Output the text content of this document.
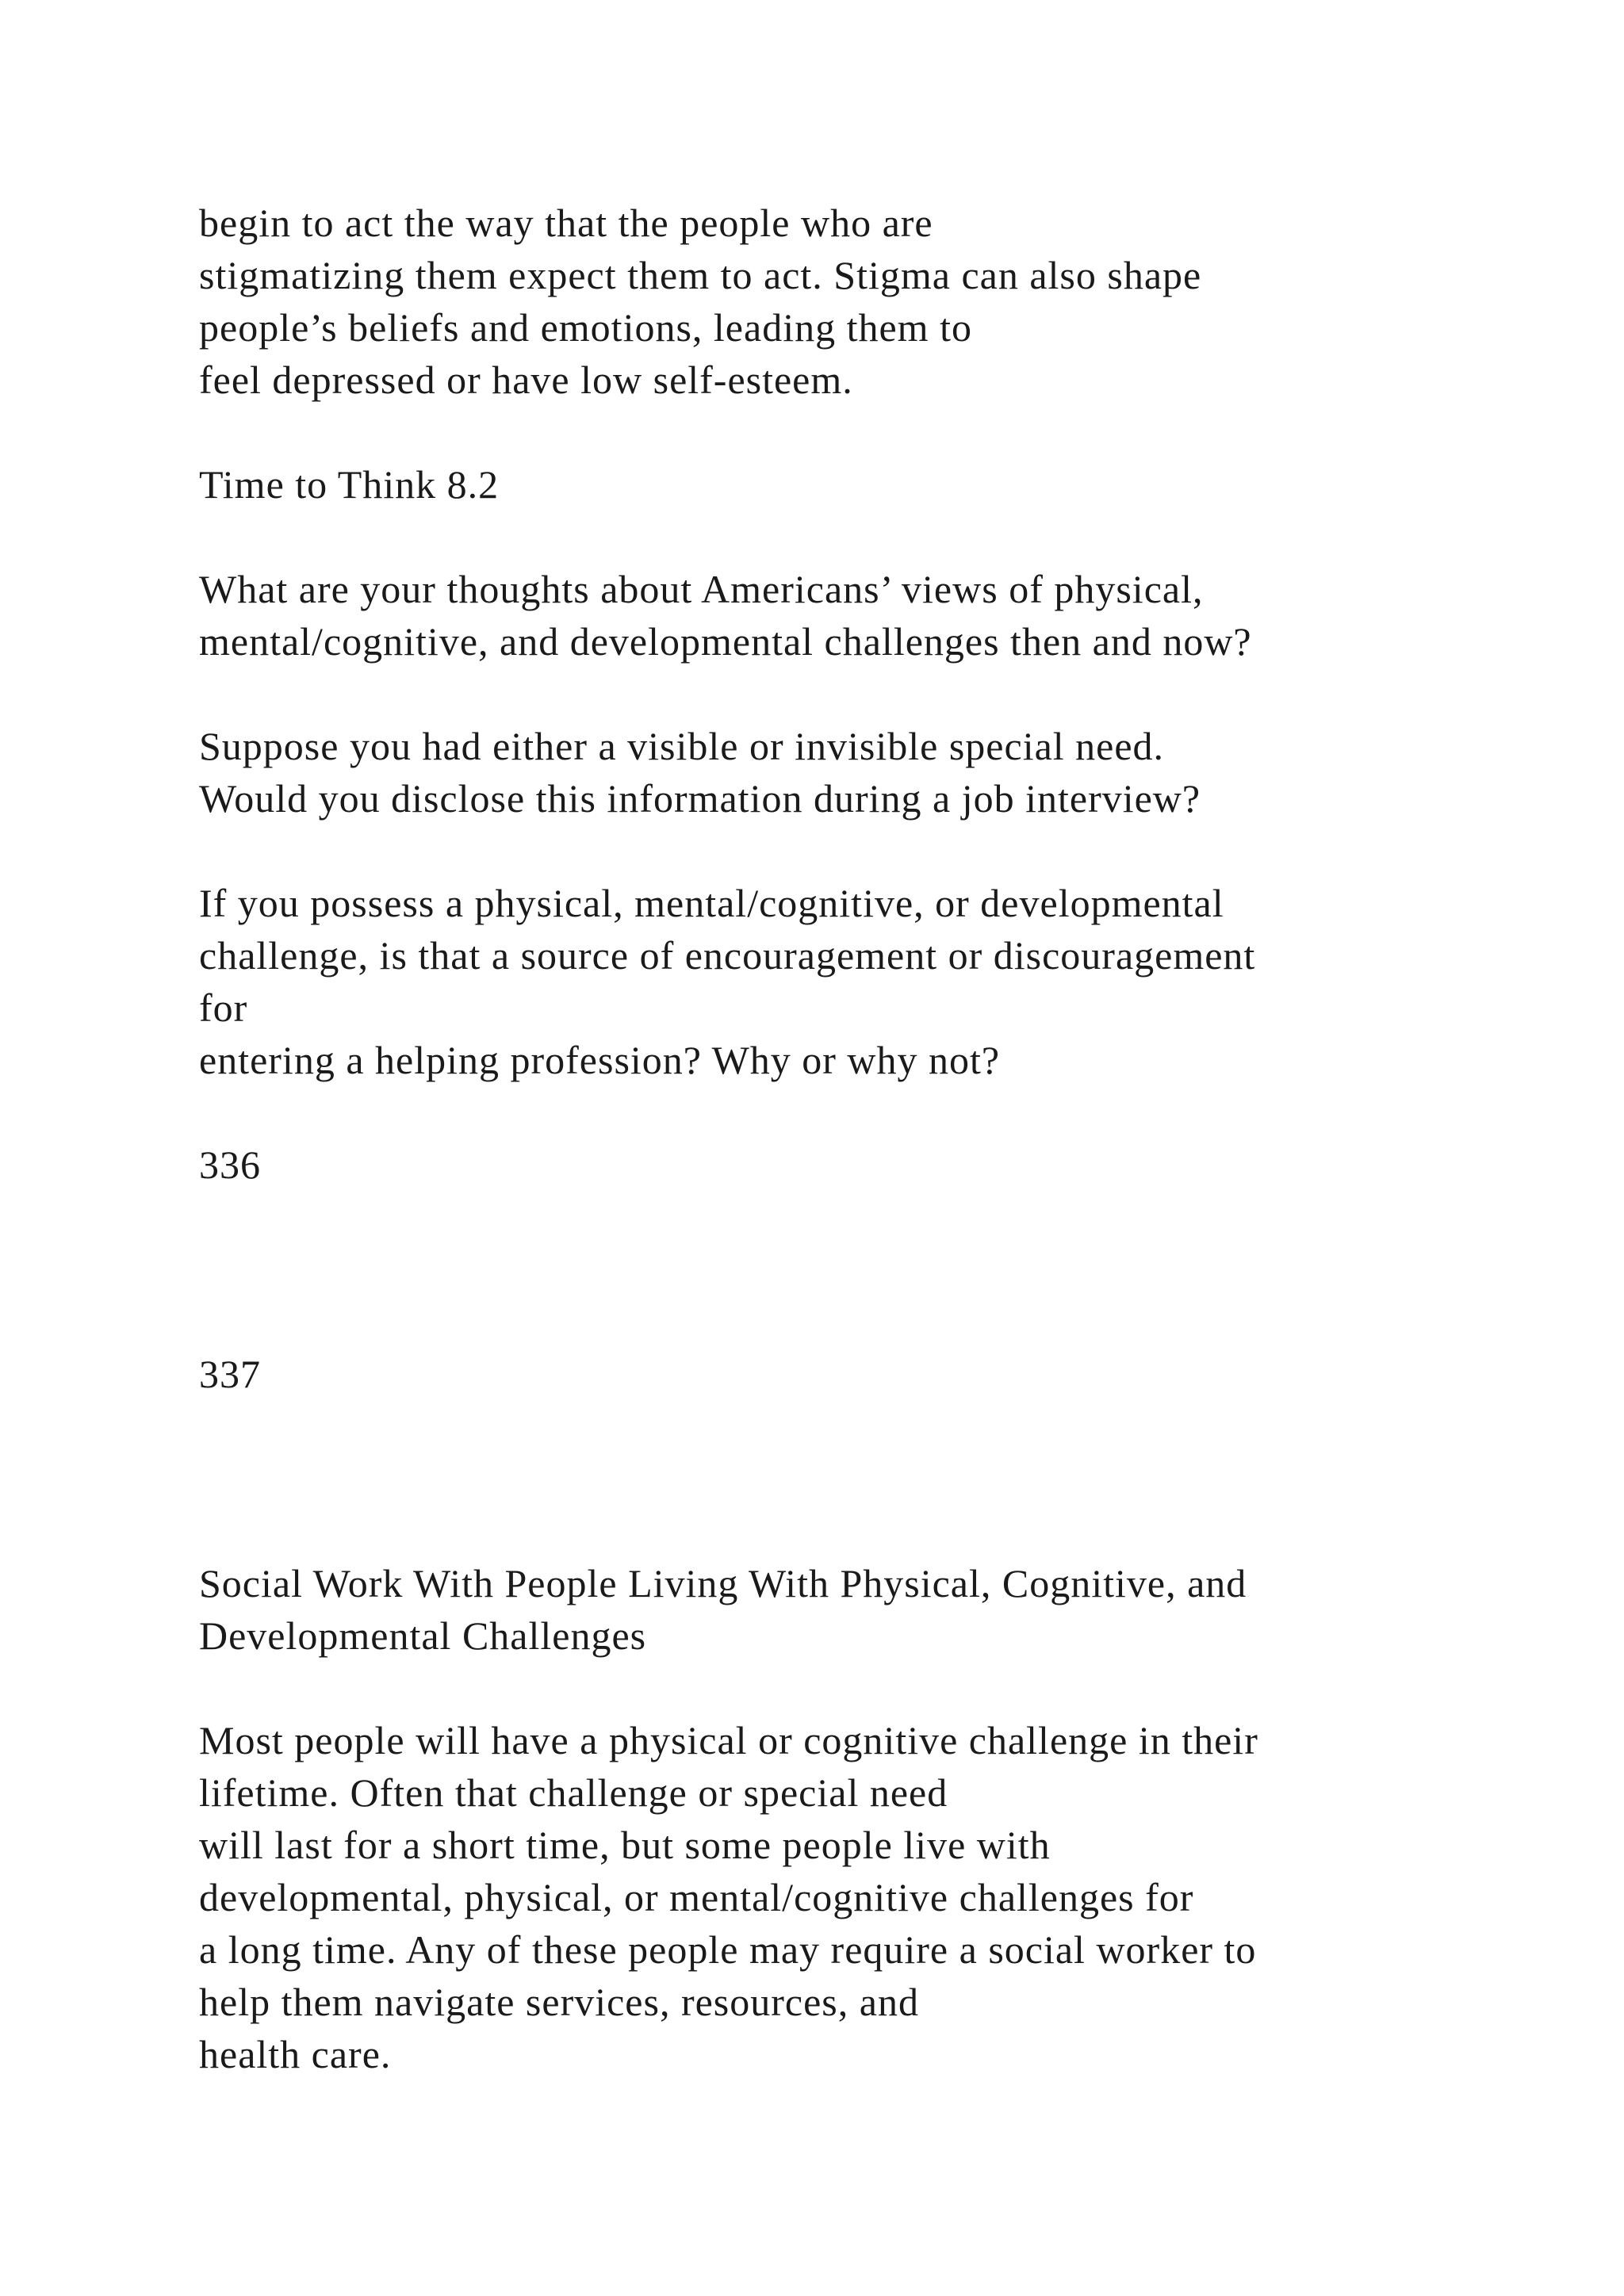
begin to act the way that the people who are
stigmatizing them expect them to act. Stigma can also shape
people’s beliefs and emotions, leading them to
feel depressed or have low self-esteem.
Time to Think 8.2
What are your thoughts about Americans’ views of physical,
mental/cognitive, and developmental challenges then and now?
Suppose you had either a visible or invisible special need.
Would you disclose this information during a job interview?
If you possess a physical, mental/cognitive, or developmental
challenge, is that a source of encouragement or discouragement
for
entering a helping profession? Why or why not?
336
337
Social Work With People Living With Physical, Cognitive, and
Developmental Challenges
Most people will have a physical or cognitive challenge in their
lifetime. Often that challenge or special need
will last for a short time, but some people live with
developmental, physical, or mental/cognitive challenges for
a long time. Any of these people may require a social worker to
help them navigate services, resources, and
health care.
